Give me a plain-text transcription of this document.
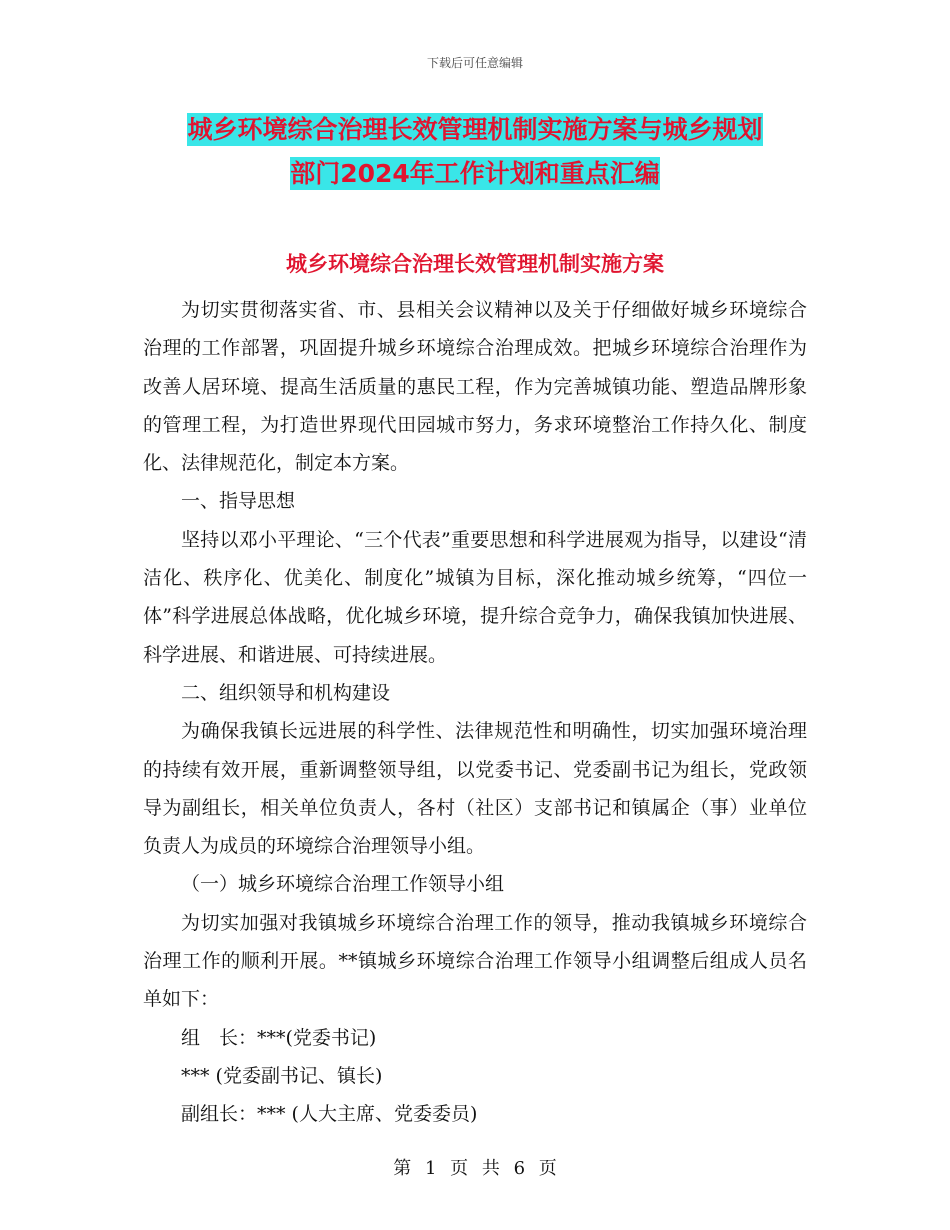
下载后可任意编辑
城乡环境综合治理长效管理机制实施方案与城乡规划
部门2024年工作计划和重点汇编
城乡环境综合治理长效管理机制实施方案

为切实贯彻落实省、市、县相关会议精神以及关于仔细做好城乡环境综合治理的工作部署，巩固提升城乡环境综合治理成效。把城乡环境综合治理作为改善人居环境、提高生活质量的惠民工程，作为完善城镇功能、塑造品牌形象的管理工程，为打造世界现代田园城市努力，务求环境整治工作持久化、制度化、法律规范化，制定本方案。

一、指导思想

坚持以邓小平理论、“三个代表”重要思想和科学进展观为指导，以建设“清洁化、秩序化、优美化、制度化”城镇为目标，深化推动城乡统筹，“四位一体”科学进展总体战略，优化城乡环境，提升综合竞争力，确保我镇加快进展、科学进展、和谐进展、可持续进展。

二、组织领导和机构建设

为确保我镇长远进展的科学性、法律规范性和明确性，切实加强环境治理的持续有效开展，重新调整领导组，以党委书记、党委副书记为组长，党政领导为副组长，相关单位负责人，各村（社区）支部书记和镇属企（事）业单位负责人为成员的环境综合治理领导小组。

（一）城乡环境综合治理工作领导小组

为切实加强对我镇城乡环境综合治理工作的领导，推动我镇城乡环境综合治理工作的顺利开展。**镇城乡环境综合治理工作领导小组调整后组成人员名单如下：

组　长：***(党委书记)

*** (党委副书记、镇长)

副组长：*** (人大主席、党委委员)

第 1 页 共 6 页
